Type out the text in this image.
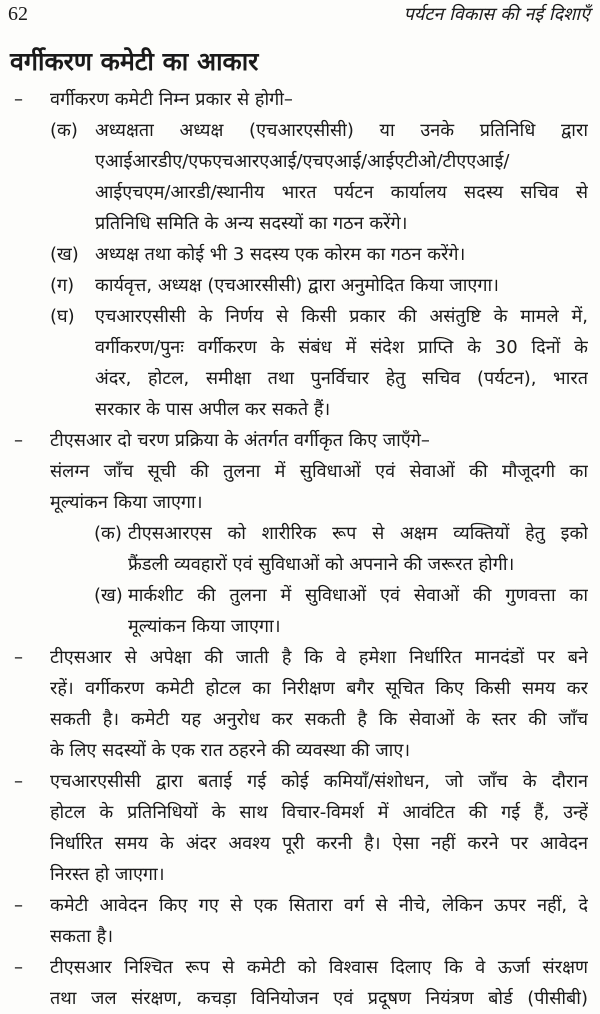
62	पर्यटन विकास की नई दिशाएँ
वर्गीकरण कमेटी का आकार
– वर्गीकरण कमेटी निम्न प्रकार से होगी–
(क) अध्यक्षता अध्यक्ष (एचआरएसीसी) या उनके प्रतिनिधि द्वारा
एआईआरडीए/एफएचआरएआई/एचएआई/आईएटीओ/टीएएआई/
आईएचएम/आरडी/स्थानीय भारत पर्यटन कार्यालय सदस्य सचिव से
प्रतिनिधि समिति के अन्य सदस्यों का गठन करेंगे।
(ख) अध्यक्ष तथा कोई भी 3 सदस्य एक कोरम का गठन करेंगे।
(ग) कार्यवृत्त, अध्यक्ष (एचआरसीसी) द्वारा अनुमोदित किया जाएगा।
(घ) एचआरएसीसी के निर्णय से किसी प्रकार की असंतुष्टि के मामले में,
वर्गीकरण/पुनः वर्गीकरण के संबंध में संदेश प्राप्ति के 30 दिनों के
अंदर, होटल, समीक्षा तथा पुनर्विचार हेतु सचिव (पर्यटन), भारत
सरकार के पास अपील कर सकते हैं।
– टीएसआर दो चरण प्रक्रिया के अंतर्गत वर्गीकृत किए जाएँगे–
संलग्न जाँच सूची की तुलना में सुविधाओं एवं सेवाओं की मौजूदगी का
मूल्यांकन किया जाएगा।
(क) टीएसआरएस को शारीरिक रूप से अक्षम व्यक्तियों हेतु इको
फ्रैंडली व्यवहारों एवं सुविधाओं को अपनाने की जरूरत होगी।
(ख) मार्कशीट की तुलना में सुविधाओं एवं सेवाओं की गुणवत्ता का
मूल्यांकन किया जाएगा।
– टीएसआर से अपेक्षा की जाती है कि वे हमेशा निर्धारित मानदंडों पर बने
रहें। वर्गीकरण कमेटी होटल का निरीक्षण बगैर सूचित किए किसी समय कर
सकती है। कमेटी यह अनुरोध कर सकती है कि सेवाओं के स्तर की जाँच
के लिए सदस्यों के एक रात ठहरने की व्यवस्था की जाए।
– एचआरएसीसी द्वारा बताई गई कोई कमियाँ/संशोधन, जो जाँच के दौरान
होटल के प्रतिनिधियों के साथ विचार-विमर्श में आवंटित की गई हैं, उन्हें
निर्धारित समय के अंदर अवश्य पूरी करनी है। ऐसा नहीं करने पर आवेदन
निरस्त हो जाएगा।
– कमेटी आवेदन किए गए से एक सितारा वर्ग से नीचे, लेकिन ऊपर नहीं, दे
सकता है।
– टीएसआर निश्चित रूप से कमेटी को विश्वास दिलाए कि वे ऊर्जा संरक्षण
तथा जल संरक्षण, कचड़ा विनियोजन एवं प्रदूषण नियंत्रण बोर्ड (पीसीबी)
